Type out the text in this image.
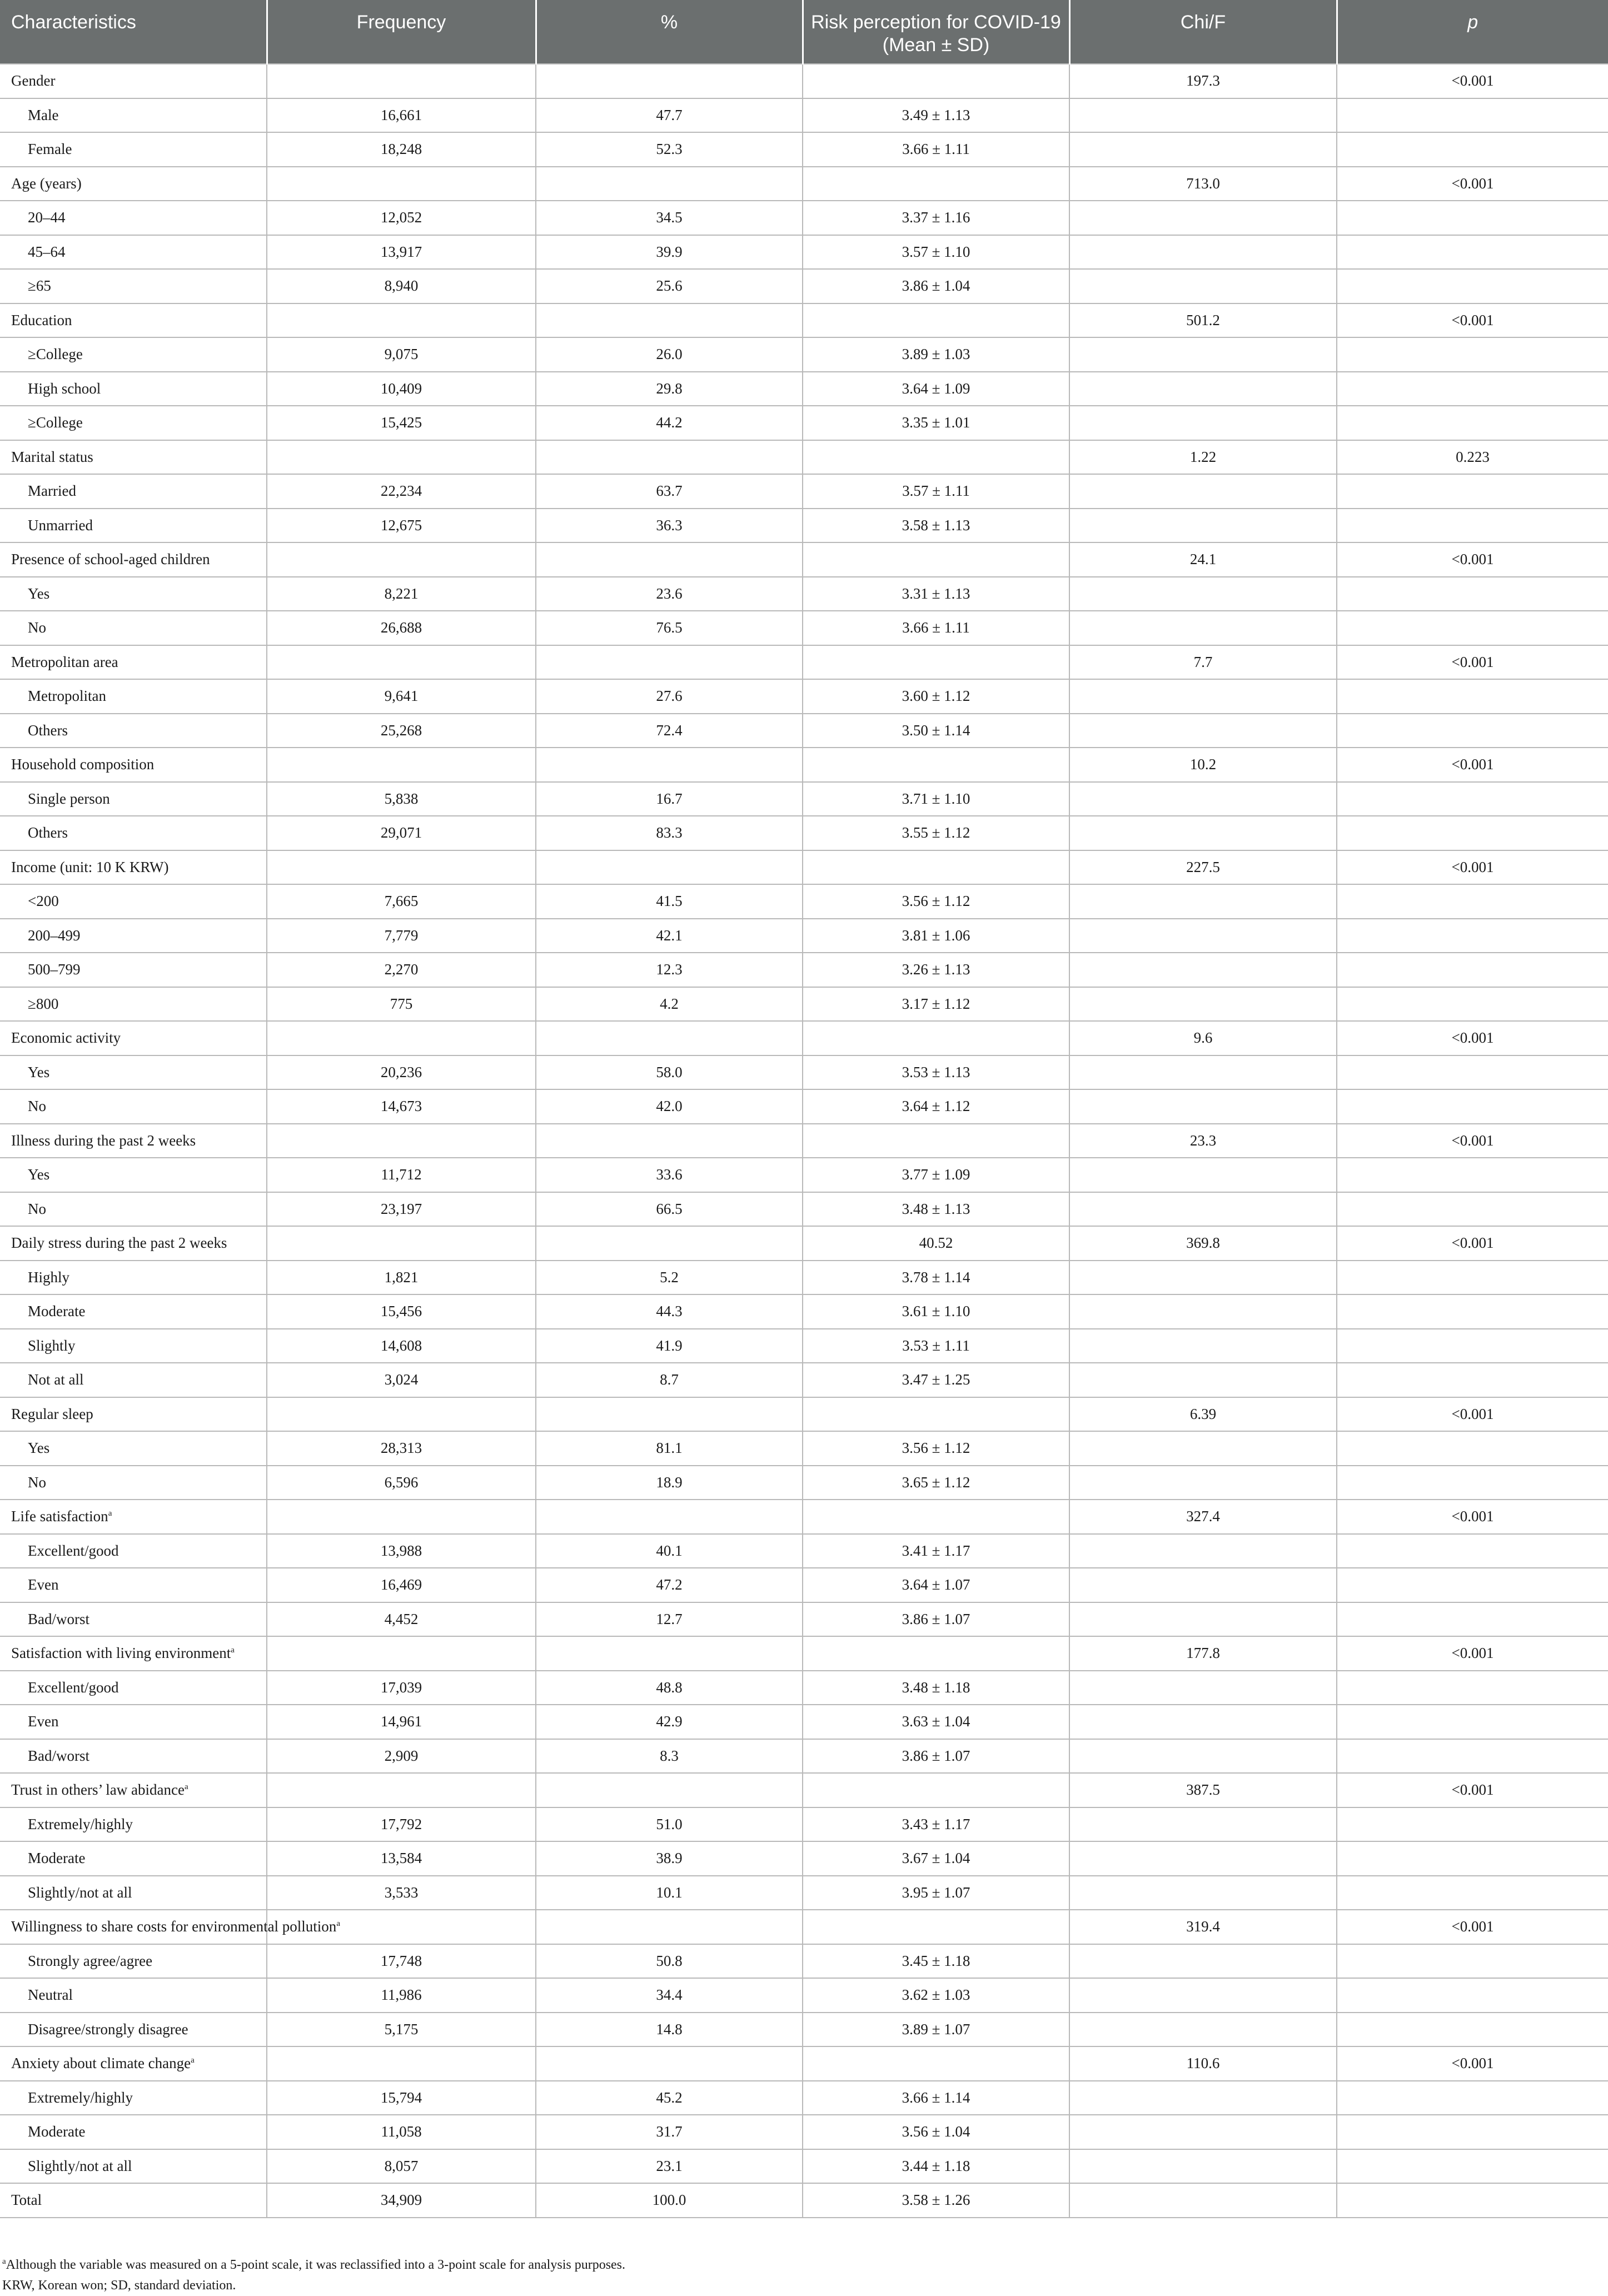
Characteristics	Frequency	%	Risk perception for COVID-19 (Mean ± SD)	Chi/F	p
Gender				197.3	<0.001
Male	16,661	47.7	3.49 ± 1.13		
Female	18,248	52.3	3.66 ± 1.11		
Age (years)				713.0	<0.001
20–44	12,052	34.5	3.37 ± 1.16		
45–64	13,917	39.9	3.57 ± 1.10		
≥65	8,940	25.6	3.86 ± 1.04		
Education				501.2	<0.001
≥College	9,075	26.0	3.89 ± 1.03		
High school	10,409	29.8	3.64 ± 1.09		
≥College	15,425	44.2	3.35 ± 1.01		
Marital status				1.22	0.223
Married	22,234	63.7	3.57 ± 1.11		
Unmarried	12,675	36.3	3.58 ± 1.13		
Presence of school-aged children				24.1	<0.001
Yes	8,221	23.6	3.31 ± 1.13		
No	26,688	76.5	3.66 ± 1.11		
Metropolitan area				7.7	<0.001
Metropolitan	9,641	27.6	3.60 ± 1.12		
Others	25,268	72.4	3.50 ± 1.14		
Household composition				10.2	<0.001
Single person	5,838	16.7	3.71 ± 1.10		
Others	29,071	83.3	3.55 ± 1.12		
Income (unit: 10 K KRW)				227.5	<0.001
<200	7,665	41.5	3.56 ± 1.12		
200–499	7,779	42.1	3.81 ± 1.06		
500–799	2,270	12.3	3.26 ± 1.13		
≥800	775	4.2	3.17 ± 1.12		
Economic activity				9.6	<0.001
Yes	20,236	58.0	3.53 ± 1.13		
No	14,673	42.0	3.64 ± 1.12		
Illness during the past 2 weeks				23.3	<0.001
Yes	11,712	33.6	3.77 ± 1.09		
No	23,197	66.5	3.48 ± 1.13		
Daily stress during the past 2 weeks			40.52	369.8	<0.001
Highly	1,821	5.2	3.78 ± 1.14		
Moderate	15,456	44.3	3.61 ± 1.10		
Slightly	14,608	41.9	3.53 ± 1.11		
Not at all	3,024	8.7	3.47 ± 1.25		
Regular sleep				6.39	<0.001
Yes	28,313	81.1	3.56 ± 1.12		
No	6,596	18.9	3.65 ± 1.12		
Life satisfaction$^a$				327.4	<0.001
Excellent/good	13,988	40.1	3.41 ± 1.17		
Even	16,469	47.2	3.64 ± 1.07		
Bad/worst	4,452	12.7	3.86 ± 1.07		
Satisfaction with living environment$^a$				177.8	<0.001
Excellent/good	17,039	48.8	3.48 ± 1.18		
Even	14,961	42.9	3.63 ± 1.04		
Bad/worst	2,909	8.3	3.86 ± 1.07		
Trust in others’ law abidance$^a$				387.5	<0.001
Extremely/highly	17,792	51.0	3.43 ± 1.17		
Moderate	13,584	38.9	3.67 ± 1.04		
Slightly/not at all	3,533	10.1	3.95 ± 1.07		
Willingness to share costs for environmental pollution$^a$				319.4	<0.001
Strongly agree/agree	17,748	50.8	3.45 ± 1.18		
Neutral	11,986	34.4	3.62 ± 1.03		
Disagree/strongly disagree	5,175	14.8	3.89 ± 1.07		
Anxiety about climate change$^a$				110.6	<0.001
Extremely/highly	15,794	45.2	3.66 ± 1.14		
Moderate	11,058	31.7	3.56 ± 1.04		
Slightly/not at all	8,057	23.1	3.44 ± 1.18		
Total	34,909	100.0	3.58 ± 1.26		
$^a$Although the variable was measured on a 5-point scale, it was reclassified into a 3-point scale for analysis purposes.
KRW, Korean won; SD, standard deviation.
